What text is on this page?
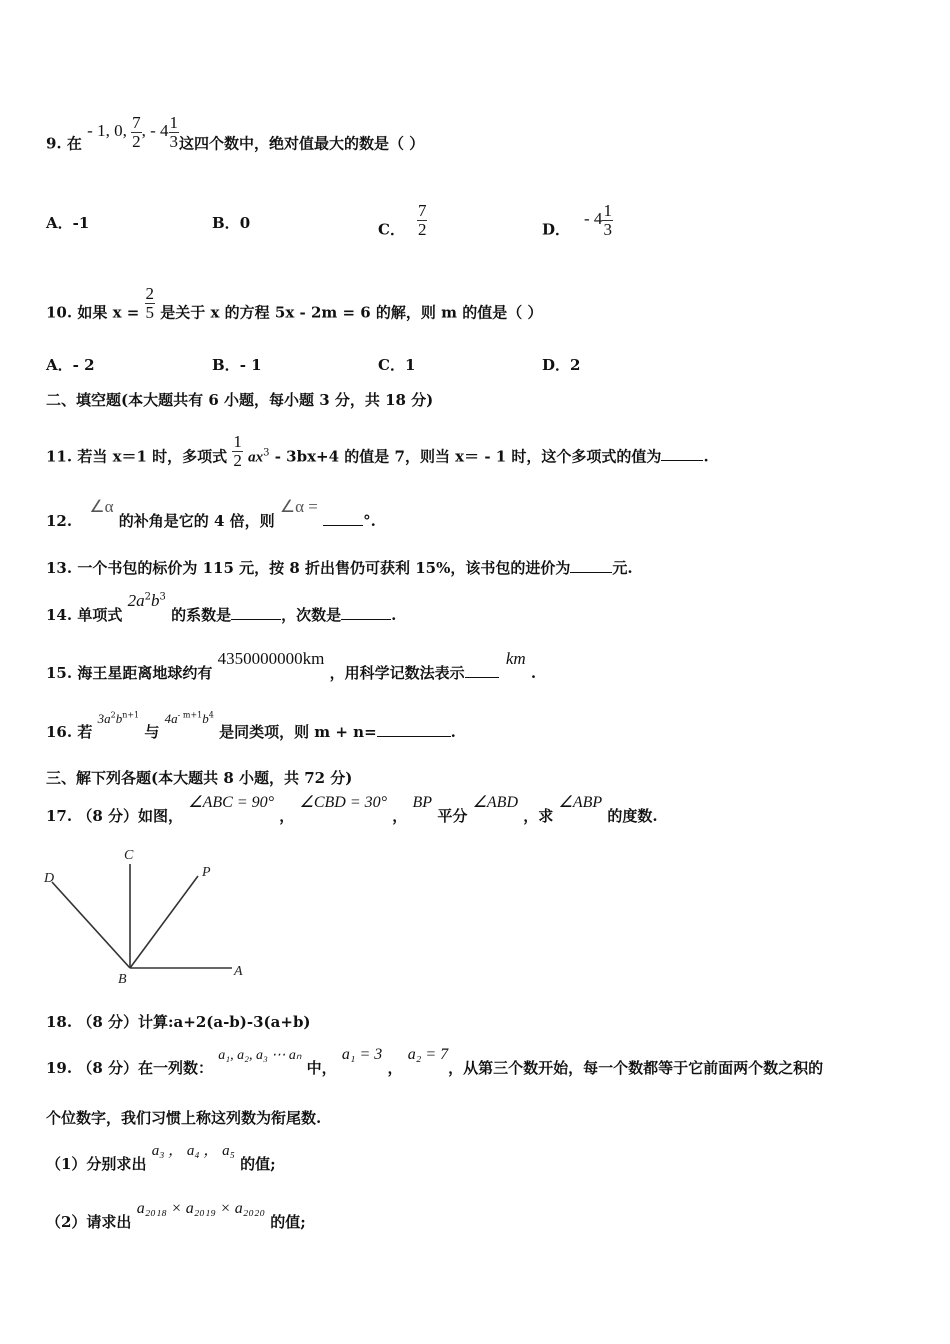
9. 在 - 1, 0, $\frac{7}{2}$ , - $4 \frac{1}{3}$ 这四个数中，绝对值最大的数是（ ）
A．-1	B．0	C． $\frac{7}{2}$	D．- $4 \frac{1}{3}$
10. 如果 $x = \frac{2}{5}$ 是关于 x 的方程 5x - 2m = 6 的解，则 m 的值是（ ）
A．- 2	B．- 1	C．1	D．2
二、填空题(本大题共有 6 小题，每小题 3 分，共 18 分)
11. 若当 x＝1 时，多项式 $\frac{1}{2} ax^3 - 3bx+4$ 的值是 7，则当 x＝ - 1 时，这个多项式的值为	.
12. ∠α 的补角是它的 4 倍，则 ∠α = °.
13. 一个书包的标价为 115 元，按 8 折出售仍可获利 15%，该书包的进价为	元.
14. 单项式 $2a^2b^3$ 的系数是	，次数是	.
15. 海王星距离地球约有 4350000000km ，用科学记数法表示 km .
16. 若 $3a^2b^{n+1}$ 与 $4a^{- m+1}b^4$ 是同类项，则 m + n=	.
三、解下列各题(本大题共 8 小题，共 72 分)
17. （8 分）如图， ∠ABC = 90° ， ∠CBD = 30° ， BP 平分 ∠ABD ，求 ∠ABP 的度数.
D
C
P
B
A
18. （8 分）计算:a+2(a-b)-3(a+b)
19. （8 分）在一列数： a₁, a₂, a₃ ⋯ aₙ 中， a₁ = 3 ， a₂ = 7，从第三个数开始，每一个数都等于它前面两个数之积的
个位数字，我们习惯上称这列数为衔尾数.
（1）分别求出 a₃ ， a₄ ， a₅ 的值;
（2）请求出 a₂₀₁₈ × a₂₀₁₉ × a₂₀₂₀ 的值;
